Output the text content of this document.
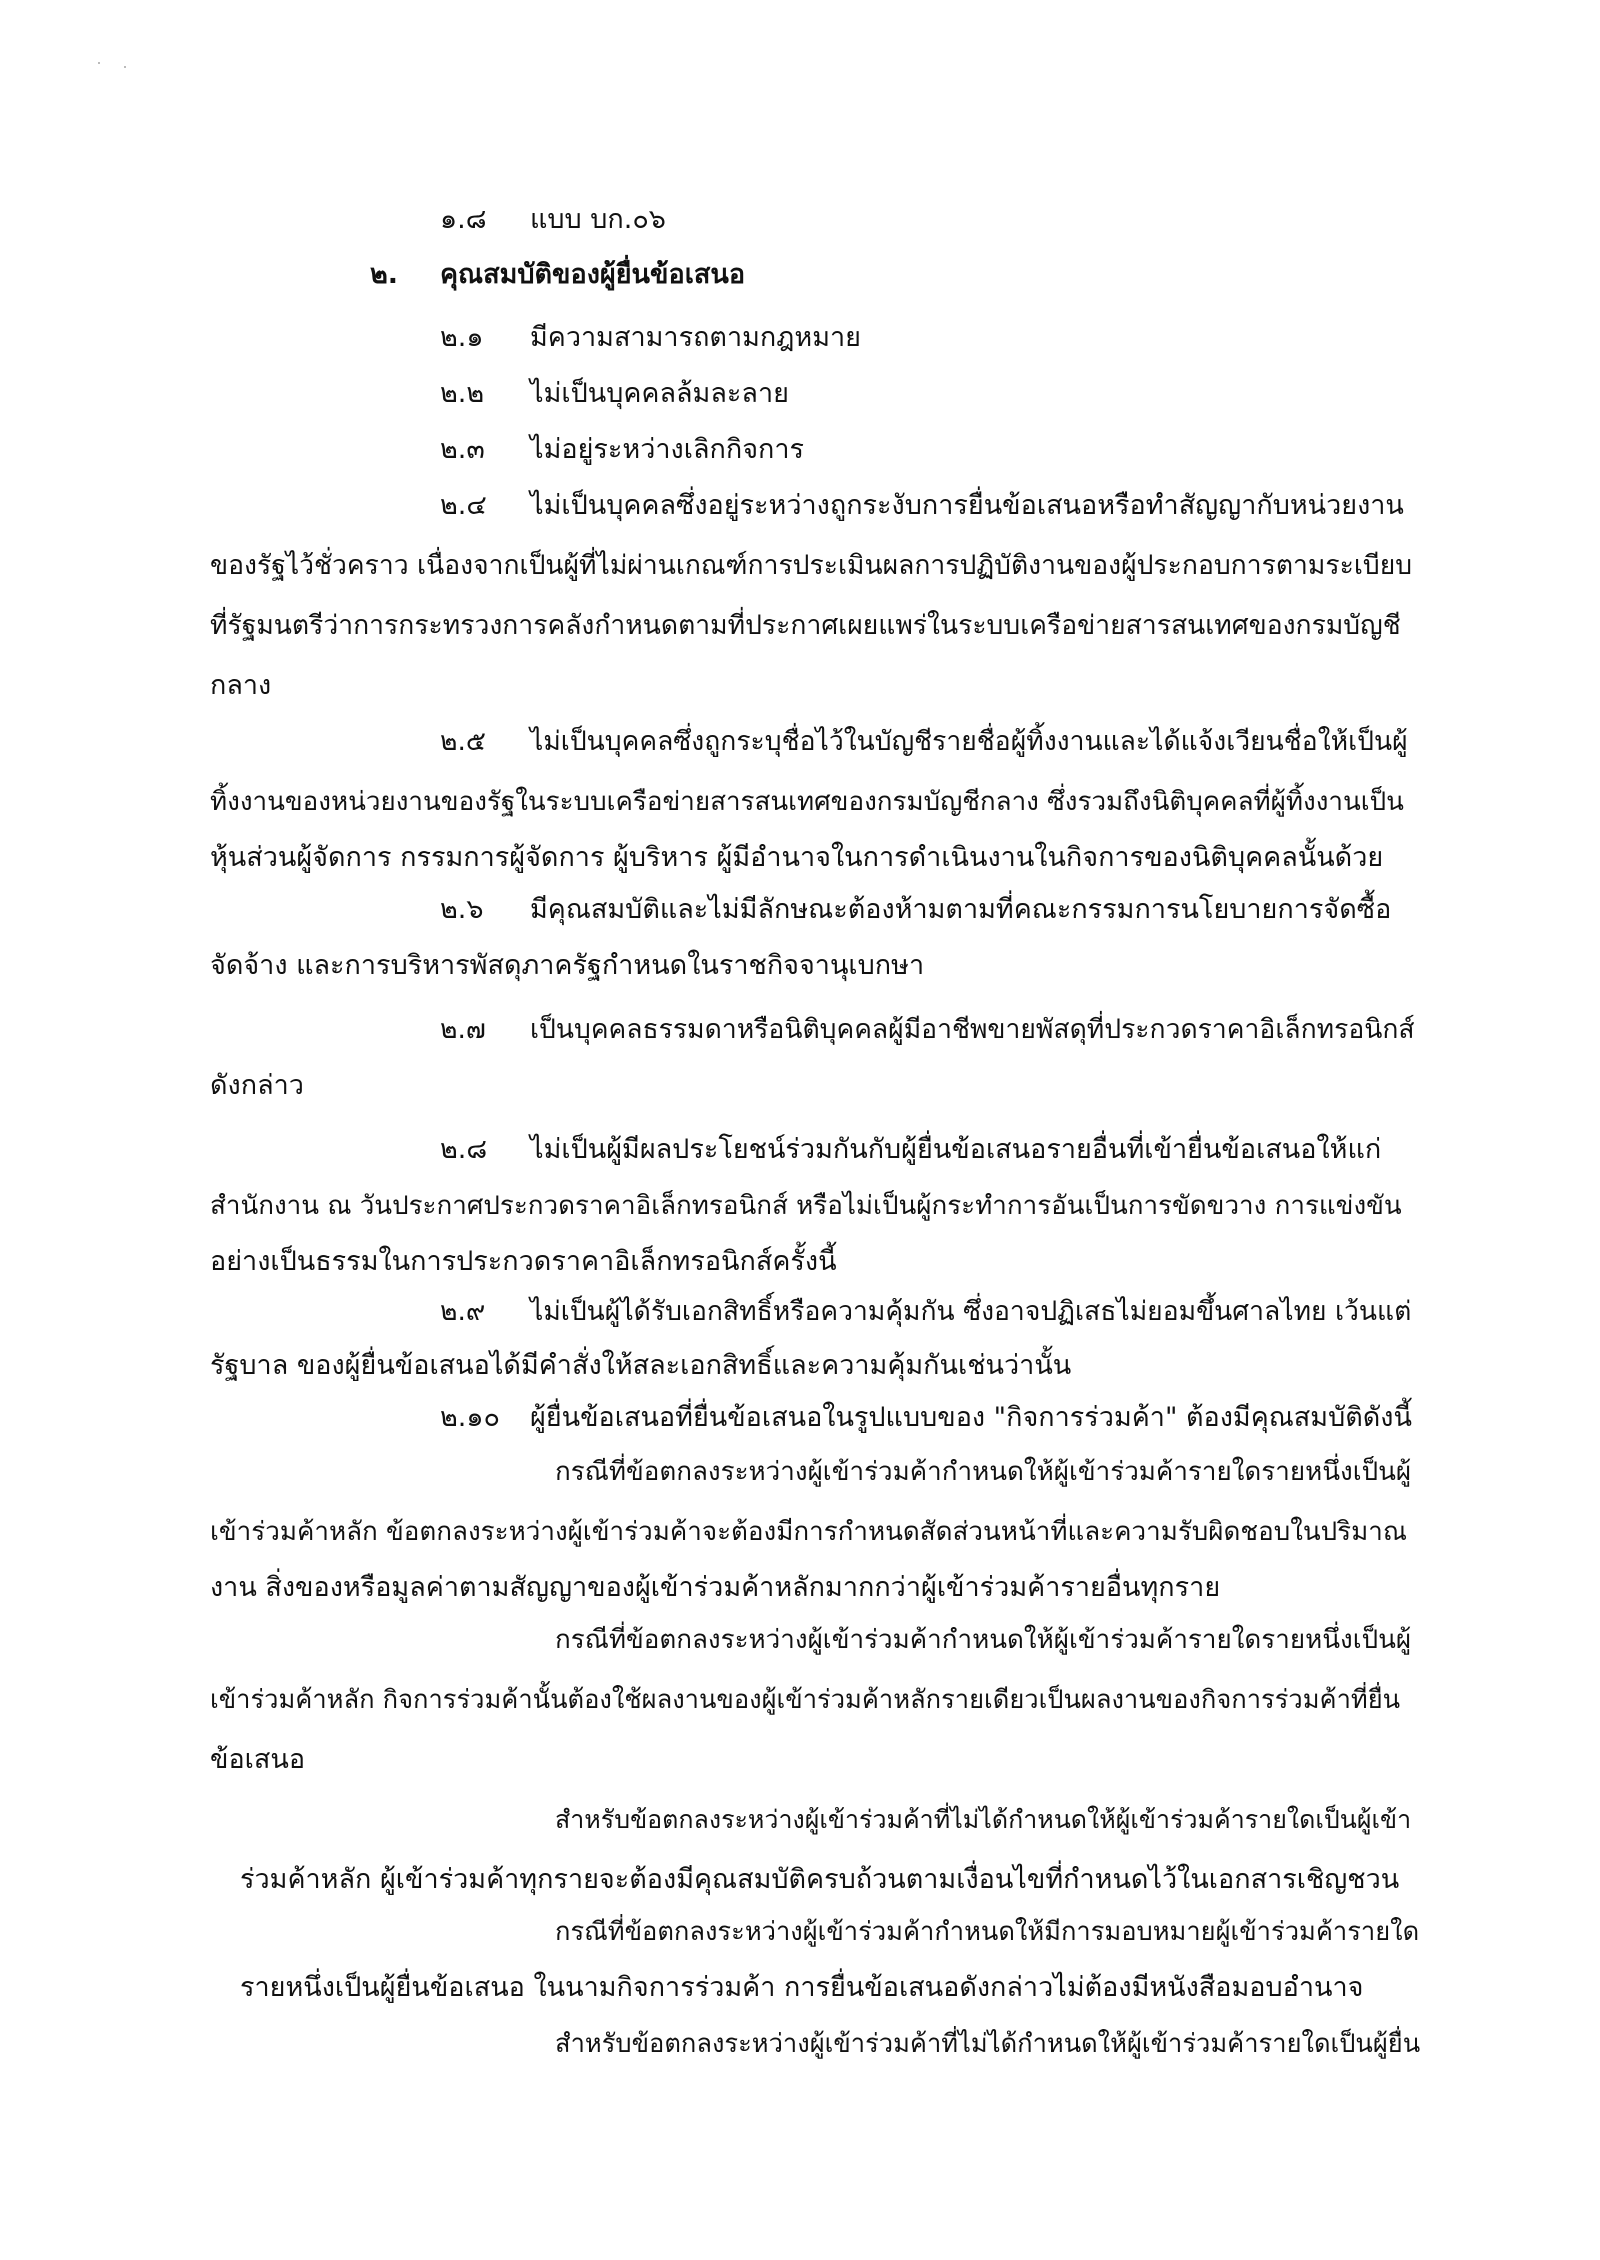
๑.๘ แบบ บก.๐๖
๒. คุณสมบัติของผู้ยื่นข้อเสนอ
๒.๑ มีความสามารถตามกฎหมาย
๒.๒ ไม่เป็นบุคคลล้มละลาย
๒.๓ ไม่อยู่ระหว่างเลิกกิจการ
๒.๔ ไม่เป็นบุคคลซึ่งอยู่ระหว่างถูกระงับการยื่นข้อเสนอหรือทำสัญญากับหน่วยงาน
ของรัฐไว้ชั่วคราว เนื่องจากเป็นผู้ที่ไม่ผ่านเกณฑ์การประเมินผลการปฏิบัติงานของผู้ประกอบการตามระเบียบ
ที่รัฐมนตรีว่าการกระทรวงการคลังกำหนดตามที่ประกาศเผยแพร่ในระบบเครือข่ายสารสนเทศของกรมบัญชี
กลาง
๒.๕ ไม่เป็นบุคคลซึ่งถูกระบุชื่อไว้ในบัญชีรายชื่อผู้ทิ้งงานและได้แจ้งเวียนชื่อให้เป็นผู้
ทิ้งงานของหน่วยงานของรัฐในระบบเครือข่ายสารสนเทศของกรมบัญชีกลาง ซึ่งรวมถึงนิติบุคคลที่ผู้ทิ้งงานเป็น
หุ้นส่วนผู้จัดการ กรรมการผู้จัดการ ผู้บริหาร ผู้มีอำนาจในการดำเนินงานในกิจการของนิติบุคคลนั้นด้วย
๒.๖ มีคุณสมบัติและไม่มีลักษณะต้องห้ามตามที่คณะกรรมการนโยบายการจัดซื้อ
จัดจ้าง และการบริหารพัสดุภาครัฐกำหนดในราชกิจจานุเบกษา
๒.๗ เป็นบุคคลธรรมดาหรือนิติบุคคลผู้มีอาชีพขายพัสดุที่ประกวดราคาอิเล็กทรอนิกส์
ดังกล่าว
๒.๘ ไม่เป็นผู้มีผลประโยชน์ร่วมกันกับผู้ยื่นข้อเสนอรายอื่นที่เข้ายื่นข้อเสนอให้แก่
สำนักงาน ณ วันประกาศประกวดราคาอิเล็กทรอนิกส์ หรือไม่เป็นผู้กระทำการอันเป็นการขัดขวาง การแข่งขัน
อย่างเป็นธรรมในการประกวดราคาอิเล็กทรอนิกส์ครั้งนี้
๒.๙ ไม่เป็นผู้ได้รับเอกสิทธิ์หรือความคุ้มกัน ซึ่งอาจปฏิเสธไม่ยอมขึ้นศาลไทย เว้นแต่
รัฐบาล ของผู้ยื่นข้อเสนอได้มีคำสั่งให้สละเอกสิทธิ์และความคุ้มกันเช่นว่านั้น
๒.๑๐ ผู้ยื่นข้อเสนอที่ยื่นข้อเสนอในรูปแบบของ "กิจการร่วมค้า" ต้องมีคุณสมบัติดังนี้
กรณีที่ข้อตกลงระหว่างผู้เข้าร่วมค้ากำหนดให้ผู้เข้าร่วมค้ารายใดรายหนึ่งเป็นผู้
เข้าร่วมค้าหลัก ข้อตกลงระหว่างผู้เข้าร่วมค้าจะต้องมีการกำหนดสัดส่วนหน้าที่และความรับผิดชอบในปริมาณ
งาน สิ่งของหรือมูลค่าตามสัญญาของผู้เข้าร่วมค้าหลักมากกว่าผู้เข้าร่วมค้ารายอื่นทุกราย
กรณีที่ข้อตกลงระหว่างผู้เข้าร่วมค้ากำหนดให้ผู้เข้าร่วมค้ารายใดรายหนึ่งเป็นผู้
เข้าร่วมค้าหลัก กิจการร่วมค้านั้นต้องใช้ผลงานของผู้เข้าร่วมค้าหลักรายเดียวเป็นผลงานของกิจการร่วมค้าที่ยื่น
ข้อเสนอ
สำหรับข้อตกลงระหว่างผู้เข้าร่วมค้าที่ไม่ได้กำหนดให้ผู้เข้าร่วมค้ารายใดเป็นผู้เข้า
ร่วมค้าหลัก ผู้เข้าร่วมค้าทุกรายจะต้องมีคุณสมบัติครบถ้วนตามเงื่อนไขที่กำหนดไว้ในเอกสารเชิญชวน
กรณีที่ข้อตกลงระหว่างผู้เข้าร่วมค้ากำหนดให้มีการมอบหมายผู้เข้าร่วมค้ารายใด
รายหนึ่งเป็นผู้ยื่นข้อเสนอ ในนามกิจการร่วมค้า การยื่นข้อเสนอดังกล่าวไม่ต้องมีหนังสือมอบอำนาจ
สำหรับข้อตกลงระหว่างผู้เข้าร่วมค้าที่ไม่ได้กำหนดให้ผู้เข้าร่วมค้ารายใดเป็นผู้ยื่น
